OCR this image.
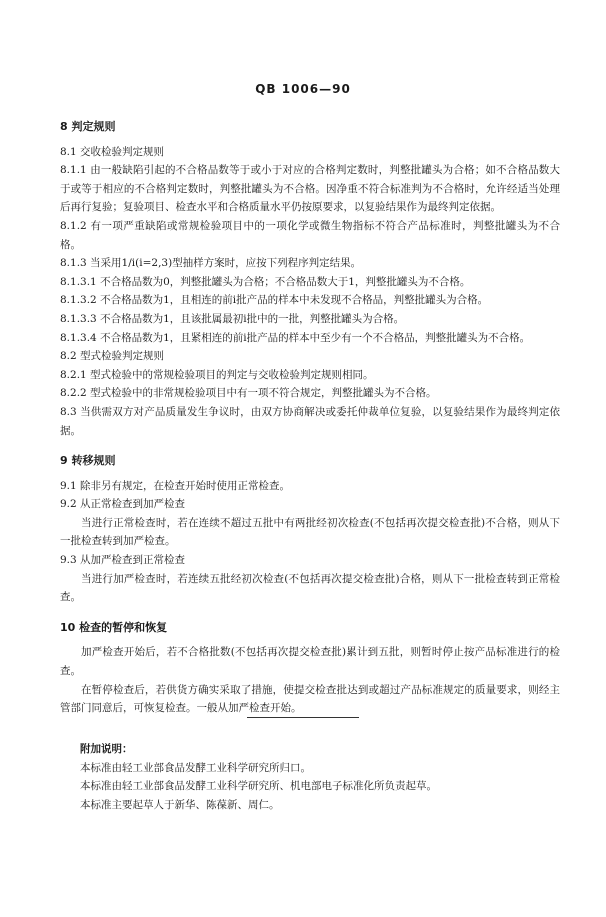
QB 1006—90

8 判定规则

8.1 交收检验判定规则

8.1.1 由一般缺陷引起的不合格品数等于或小于对应的合格判定数时，判整批罐头为合格；如不合格品数大于或等于相应的不合格判定数时，判整批罐头为不合格。因净重不符合标准判为不合格时，允许经适当处理后再行复验；复验项目、检查水平和合格质量水平仍按原要求，以复验结果作为最终判定依据。

8.1.2 有一项严重缺陷或常规检验项目中的一项化学或微生物指标不符合产品标准时，判整批罐头为不合格。

8.1.3 当采用1/i(i=2,3)型抽样方案时，应按下列程序判定结果。

8.1.3.1 不合格品数为0，判整批罐头为合格；不合格品数大于1，判整批罐头为不合格。

8.1.3.2 不合格品数为1，且相连的前i批产品的样本中未发现不合格品，判整批罐头为合格。

8.1.3.3 不合格品数为1，且该批属最初i批中的一批，判整批罐头为合格。

8.1.3.4 不合格品数为1，且紧相连的前i批产品的样本中至少有一个不合格品，判整批罐头为不合格。

8.2 型式检验判定规则

8.2.1 型式检验中的常规检验项目的判定与交收检验判定规则相同。

8.2.2 型式检验中的非常规检验项目中有一项不符合规定，判整批罐头为不合格。

8.3 当供需双方对产品质量发生争议时，由双方协商解决或委托仲裁单位复验，以复验结果作为最终判定依据。

9 转移规则

9.1 除非另有规定，在检查开始时使用正常检查。

9.2 从正常检查到加严检查

当进行正常检查时，若在连续不超过五批中有两批经初次检查(不包括再次提交检查批)不合格，则从下一批检查转到加严检查。

9.3 从加严检查到正常检查

当进行加严检查时，若连续五批经初次检查(不包括再次提交检查批)合格，则从下一批检查转到正常检查。

10 检查的暂停和恢复

加严检查开始后，若不合格批数(不包括再次提交检查批)累计到五批，则暂时停止按产品标准进行的检查。

在暂停检查后，若供货方确实采取了措施，使提交检查批达到或超过产品标准规定的质量要求，则经主管部门同意后，可恢复检查。一般从加严检查开始。

附加说明：
本标准由轻工业部食品发酵工业科学研究所归口。
本标准由轻工业部食品发酵工业科学研究所、机电部电子标准化所负责起草。
本标准主要起草人于新华、陈葆新、周仁。
